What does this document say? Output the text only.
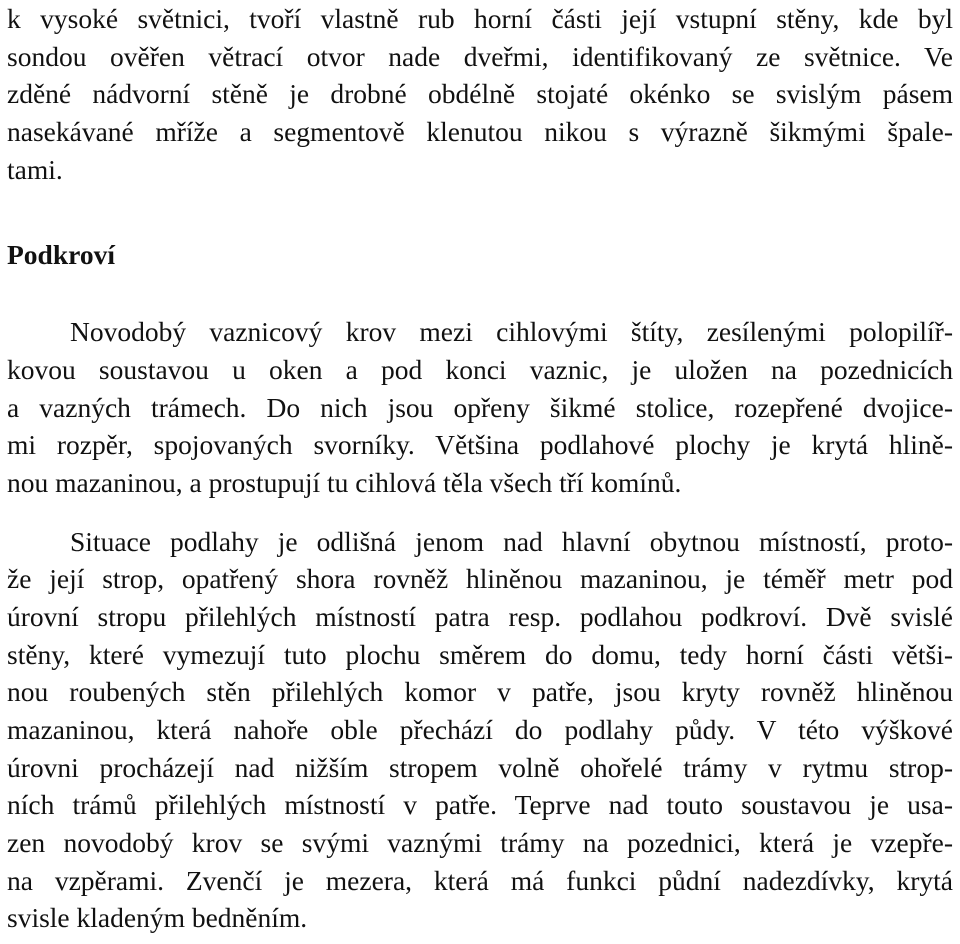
k vysoké světnici, tvoří vlastně rub horní části její vstupní stěny, kde byl
sondou ověřen větrací otvor nade dveřmi, identifikovaný ze světnice. Ve
zděné nádvorní stěně je drobné obdélně stojaté okénko se svislým pásem
nasekávané mříže a segmentově klenutou nikou s výrazně šikmými špale-
tami.
Podkroví
Novodobý vaznicový krov mezi cihlovými štíty, zesílenými polopilíř-
kovou soustavou u oken a pod konci vaznic, je uložen na pozednicích
a vazných trámech. Do nich jsou opřeny šikmé stolice, rozepřené dvojice-
mi rozpěr, spojovaných svorníky. Většina podlahové plochy je krytá hlině-
nou mazaninou, a prostupují tu cihlová těla všech tří komínů.
Situace podlahy je odlišná jenom nad hlavní obytnou místností, proto-
že její strop, opatřený shora rovněž hliněnou mazaninou, je téměř metr pod
úrovní stropu přilehlých místností patra resp. podlahou podkroví. Dvě svislé
stěny, které vymezují tuto plochu směrem do domu, tedy horní části větši-
nou roubených stěn přilehlých komor v patře, jsou kryty rovněž hliněnou
mazaninou, která nahoře oble přechází do podlahy půdy. V této výškové
úrovni procházejí nad nižším stropem volně ohořelé trámy v rytmu strop-
ních trámů přilehlých místností v patře. Teprve nad touto soustavou je usa-
zen novodobý krov se svými vaznými trámy na pozednici, která je vzepře-
na vzpěrami. Zvenčí je mezera, která má funkci půdní nadezdívky, krytá
svisle kladeným bedněním.
